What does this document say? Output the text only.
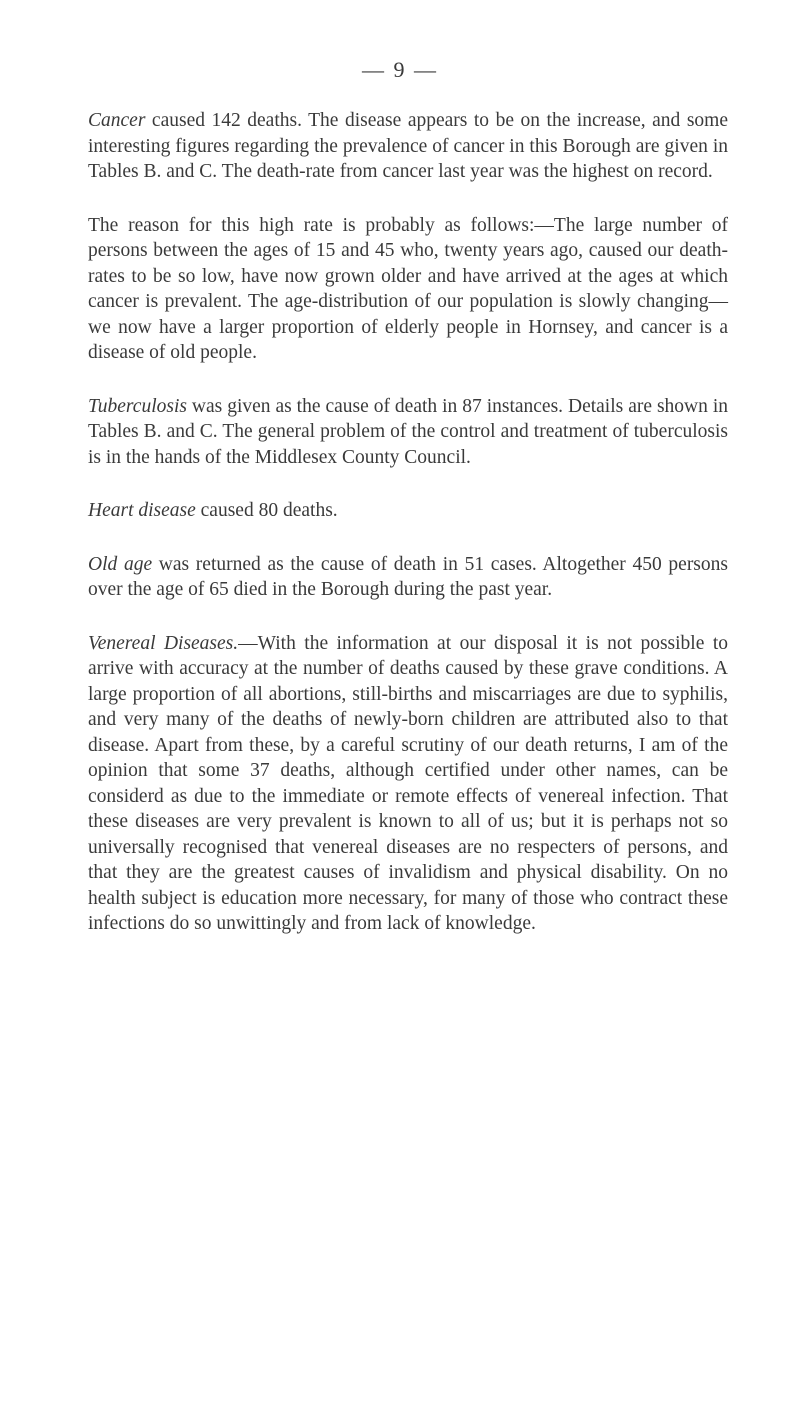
— 9 —

Cancer caused 142 deaths. The disease appears to be on the increase, and some interesting figures regarding the prevalence of cancer in this Borough are given in Tables B. and C. The death-rate from cancer last year was the highest on record.

The reason for this high rate is probably as follows:—The large number of persons between the ages of 15 and 45 who, twenty years ago, caused our death-rates to be so low, have now grown older and have arrived at the ages at which cancer is prevalent. The age-distribution of our population is slowly changing—we now have a larger proportion of elderly people in Hornsey, and cancer is a disease of old people.

Tuberculosis was given as the cause of death in 87 instances. Details are shown in Tables B. and C. The general problem of the control and treatment of tuberculosis is in the hands of the Middlesex County Council.

Heart disease caused 80 deaths.

Old age was returned as the cause of death in 51 cases. Altogether 450 persons over the age of 65 died in the Borough during the past year.

Venereal Diseases.—With the information at our disposal it is not possible to arrive with accuracy at the number of deaths caused by these grave conditions. A large proportion of all abortions, still-births and miscarriages are due to syphilis, and very many of the deaths of newly-born children are attributed also to that disease. Apart from these, by a careful scrutiny of our death returns, I am of the opinion that some 37 deaths, although certified under other names, can be considerd as due to the immediate or remote effects of venereal infection. That these diseases are very prevalent is known to all of us; but it is perhaps not so universally recognised that venereal diseases are no respecters of persons, and that they are the greatest causes of invalidism and physical disability. On no health subject is education more necessary, for many of those who contract these infections do so unwittingly and from lack of knowledge.
